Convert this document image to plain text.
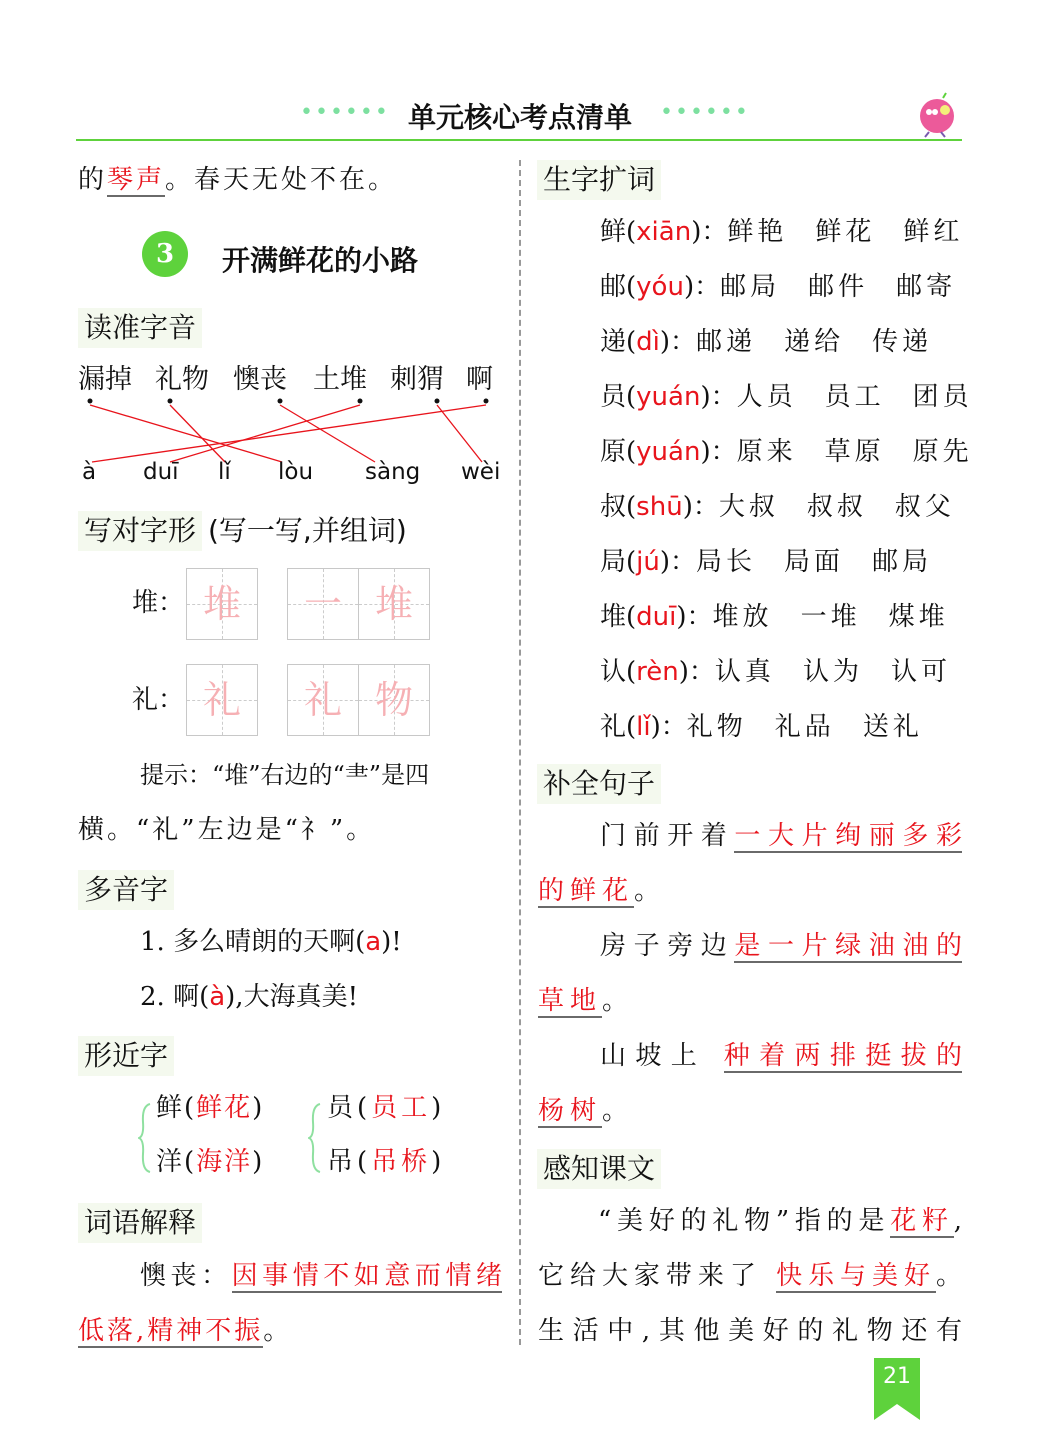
•••••• 单元核心考点清单 ••••••
的琴声。春天无处不在。
3	开满鲜花的小路
读准字音
漏掉 礼物 懊丧 土堆 刺猬 啊
à duī lǐ lòu sàng wèi
写对字形 (写一写,并组词)
堆： 堆	一 堆
礼： 礼	礼 物
提示：“堆”右边的“⺻”是四
横。“礼”左边是“礻”。
多音字
1. 多么晴朗的天啊(a)!
2. 啊(à),大海真美!
形近字
鲜(鲜花)
洋(海洋)
员(员工)
吊(吊桥)
词语解释
懊丧：因事情不如意而情绪
低落,精神不振。
生字扩词
鲜(xiān)：鲜艳 鲜花 鲜红
邮(yóu)：邮局 邮件 邮寄
递(dì)：邮递 递给 传递
员(yuán)：人员 员工 团员
原(yuán)：原来 草原 原先
叔(shū)：大叔 叔叔 叔父
局(jú)：局长 局面 邮局
堆(duī)：堆放 一堆 煤堆
认(rèn)：认真 认为 认可
礼(lǐ)：礼物 礼品 送礼
补全句子
门前开着一大片绚丽多彩
的鲜花。
房子旁边是一片绿油油的
草地。
山坡上 种着两排挺拔的
杨树。
感知课文
“美好的礼物”指的是花籽,
它给大家带来了 快乐与美好。
生活中,其他美好的礼物还有
21
